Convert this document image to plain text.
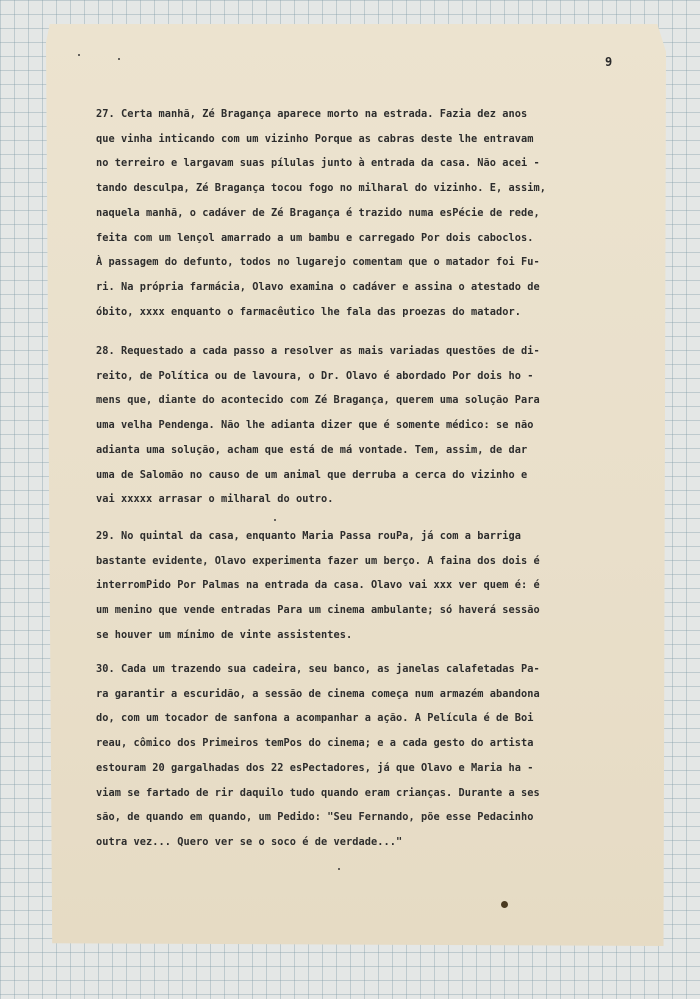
9
27. Certa manhã, Zé Bragança aparece morto na estrada. Fazia dez anos
que vinha inticando com um vizinho Porque as cabras deste lhe entravam
no terreiro e largavam suas pílulas junto à entrada da casa. Não acei -
tando desculpa, Zé Bragança tocou fogo no milharal do vizinho. E, assim,
naquela manhã, o cadáver de Zé Bragança é trazido numa esPécie de rede,
feita com um lençol amarrado a um bambu e carregado Por dois caboclos.
À passagem do defunto, todos no lugarejo comentam que o matador foi Fu-
ri. Na própria farmácia, Olavo examina o cadáver e assina o atestado de
óbito, xxxx enquanto o farmacêutico lhe fala das proezas do matador.
28. Requestado a cada passo a resolver as mais variadas questões de di-
reito, de Política ou de lavoura, o Dr. Olavo é abordado Por dois ho -
mens que, diante do acontecido com Zé Bragança, querem uma solução Para
uma velha Pendenga. Não lhe adianta dizer que é somente médico: se não
adianta uma solução, acham que está de má vontade. Tem, assim, de dar
uma de Salomão no causo de um animal que derruba a cerca do vizinho e
vai xxxxx arrasar o milharal do outro.
29. No quintal da casa, enquanto Maria Passa rouPa, já com a barriga
bastante evidente, Olavo experimenta fazer um berço. A faina dos dois é
interromPido Por Palmas na entrada da casa. Olavo vai xxx ver quem é: é
um menino que vende entradas Para um cinema ambulante; só haverá sessão
se houver um mínimo de vinte assistentes.
30. Cada um trazendo sua cadeira, seu banco, as janelas calafetadas Pa-
ra garantir a escuridão, a sessão de cinema começa num armazém abandona
do, com um tocador de sanfona a acompanhar a ação. A Película é de Boi
reau, cômico dos Primeiros temPos do cinema; e a cada gesto do artista
estouram 20 gargalhadas dos 22 esPectadores, já que Olavo e Maria ha -
viam se fartado de rir daquilo tudo quando eram crianças. Durante a ses
são, de quando em quando, um Pedido: "Seu Fernando, põe esse Pedacinho
outra vez... Quero ver se o soco é de verdade..."
